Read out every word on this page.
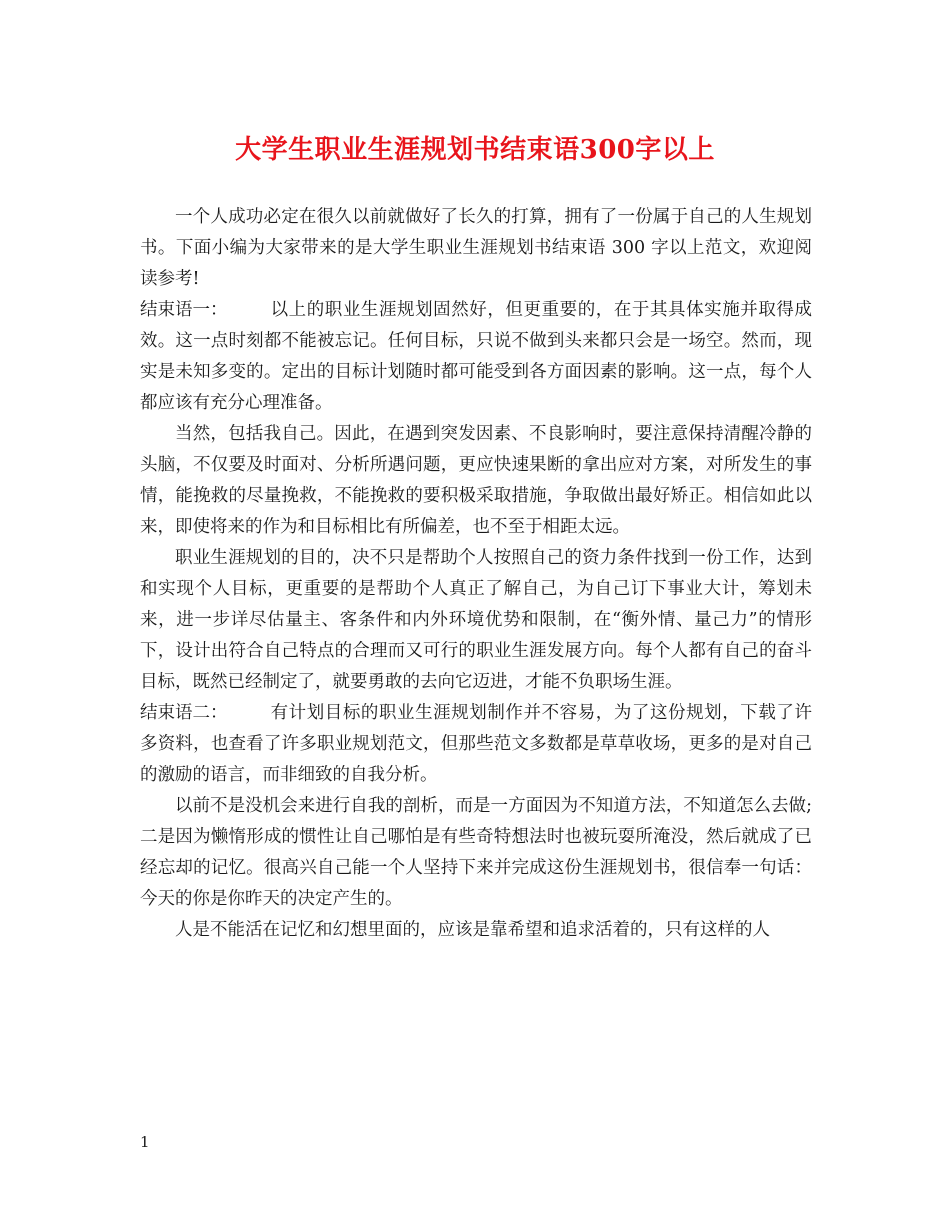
大学生职业生涯规划书结束语300字以上

一个人成功必定在很久以前就做好了长久的打算，拥有了一份属于自己的人生规划书。下面小编为大家带来的是大学生职业生涯规划书结束语 300 字以上范文，欢迎阅读参考!

结束语一： 以上的职业生涯规划固然好，但更重要的，在于其具体实施并取得成效。这一点时刻都不能被忘记。任何目标，只说不做到头来都只会是一场空。然而，现实是未知多变的。定出的目标计划随时都可能受到各方面因素的影响。这一点，每个人都应该有充分心理准备。

当然，包括我自己。因此，在遇到突发因素、不良影响时，要注意保持清醒冷静的头脑，不仅要及时面对、分析所遇问题，更应快速果断的拿出应对方案，对所发生的事情，能挽救的尽量挽救，不能挽救的要积极采取措施，争取做出最好矫正。相信如此以来，即使将来的作为和目标相比有所偏差，也不至于相距太远。

职业生涯规划的目的，决不只是帮助个人按照自己的资力条件找到一份工作，达到和实现个人目标，更重要的是帮助个人真正了解自己，为自己订下事业大计，筹划未来，进一步详尽估量主、客条件和内外环境优势和限制，在“衡外情、量己力”的情形下，设计出符合自己特点的合理而又可行的职业生涯发展方向。每个人都有自己的奋斗目标，既然已经制定了，就要勇敢的去向它迈进，才能不负职场生涯。

结束语二： 有计划目标的职业生涯规划制作并不容易，为了这份规划，下载了许多资料，也查看了许多职业规划范文，但那些范文多数都是草草收场，更多的是对自己的激励的语言，而非细致的自我分析。

以前不是没机会来进行自我的剖析，而是一方面因为不知道方法，不知道怎么去做;二是因为懒惰形成的惯性让自己哪怕是有些奇特想法时也被玩耍所淹没，然后就成了已经忘却的记忆。很高兴自己能一个人坚持下来并完成这份生涯规划书，很信奉一句话：今天的你是你昨天的决定产生的。

人是不能活在记忆和幻想里面的，应该是靠希望和追求活着的，只有这样的人

1
